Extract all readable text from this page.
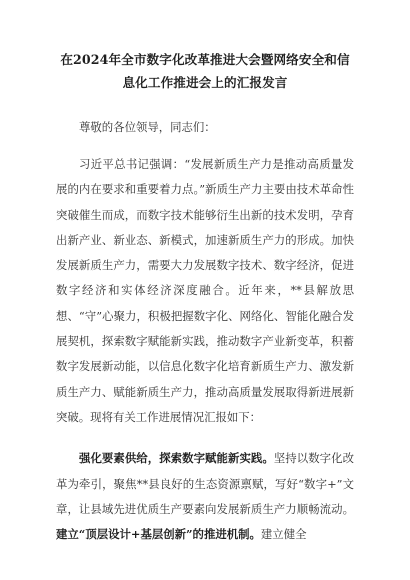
在2024年全市数字化改革推进大会暨网络安全和信息化工作推进会上的汇报发言

尊敬的各位领导，同志们：

习近平总书记强调：“发展新质生产力是推动高质量发展的内在要求和重要着力点。”新质生产力主要由技术革命性突破催生而成，而数字技术能够衍生出新的技术发明，孕育出新产业、新业态、新模式，加速新质生产力的形成。加快发展新质生产力，需要大力发展数字技术、数字经济，促进数字经济和实体经济深度融合。近年来，**县解放思想、“守”心聚力，积极把握数字化、网络化、智能化融合发展契机，探索数字赋能新实践，推动数字产业新变革，积蓄数字发展新动能，以信息化数字化培育新质生产力、激发新质生产力、赋能新质生产力，推动高质量发展取得新进展新突破。现将有关工作进展情况汇报如下：

强化要素供给，探索数字赋能新实践。坚持以数字化改革为牵引，聚焦**县良好的生态资源禀赋，写好“数字+”文章，让县域先进优质生产要素向发展新质生产力顺畅流动。建立“顶层设计+基层创新”的推进机制。建立健全
